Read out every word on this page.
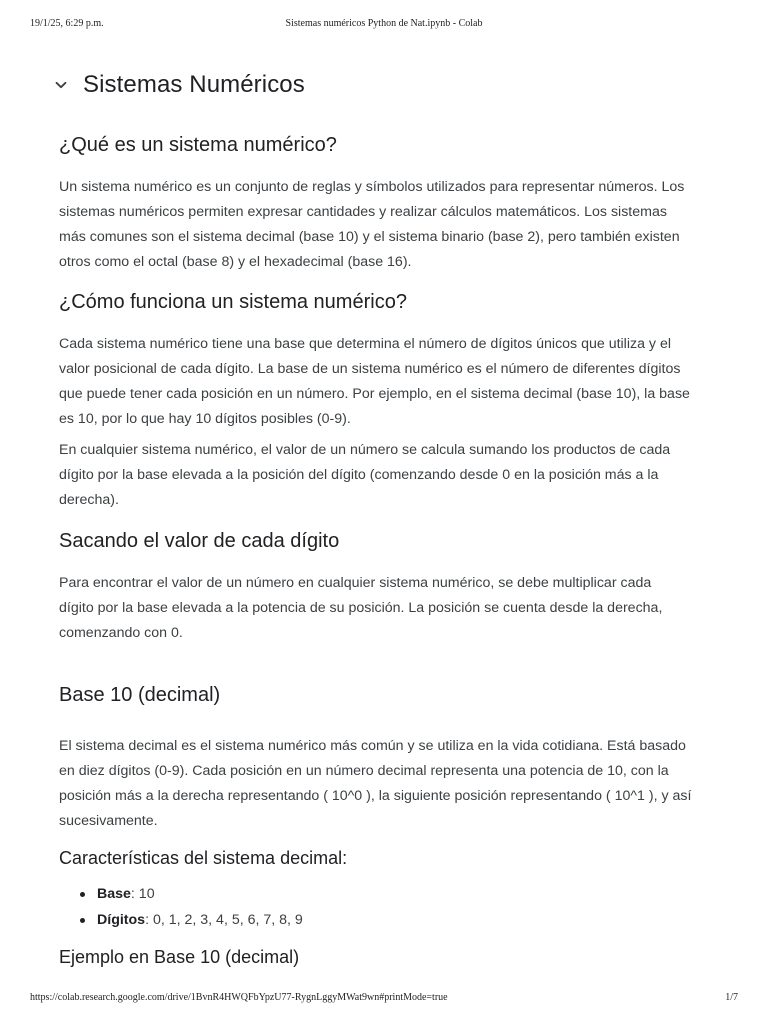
19/1/25, 6:29 p.m.	Sistemas numéricos Python de Nat.ipynb - Colab
Sistemas Numéricos
¿Qué es un sistema numérico?
Un sistema numérico es un conjunto de reglas y símbolos utilizados para representar números. Los
sistemas numéricos permiten expresar cantidades y realizar cálculos matemáticos. Los sistemas
más comunes son el sistema decimal (base 10) y el sistema binario (base 2), pero también existen
otros como el octal (base 8) y el hexadecimal (base 16).
¿Cómo funciona un sistema numérico?
Cada sistema numérico tiene una base que determina el número de dígitos únicos que utiliza y el
valor posicional de cada dígito. La base de un sistema numérico es el número de diferentes dígitos
que puede tener cada posición en un número. Por ejemplo, en el sistema decimal (base 10), la base
es 10, por lo que hay 10 dígitos posibles (0-9).
En cualquier sistema numérico, el valor de un número se calcula sumando los productos de cada
dígito por la base elevada a la posición del dígito (comenzando desde 0 en la posición más a la
derecha).
Sacando el valor de cada dígito
Para encontrar el valor de un número en cualquier sistema numérico, se debe multiplicar cada
dígito por la base elevada a la potencia de su posición. La posición se cuenta desde la derecha,
comenzando con 0.
Base 10 (decimal)
El sistema decimal es el sistema numérico más común y se utiliza en la vida cotidiana. Está basado
en diez dígitos (0-9). Cada posición en un número decimal representa una potencia de 10, con la
posición más a la derecha representando ( 10^0 ), la siguiente posición representando ( 10^1 ), y así
sucesivamente.
Características del sistema decimal:
Base: 10
Dígitos: 0, 1, 2, 3, 4, 5, 6, 7, 8, 9
Ejemplo en Base 10 (decimal)
https://colab.research.google.com/drive/1BvnR4HWQFbYpzU77-RygnLggyMWat9wn#printMode=true	1/7
